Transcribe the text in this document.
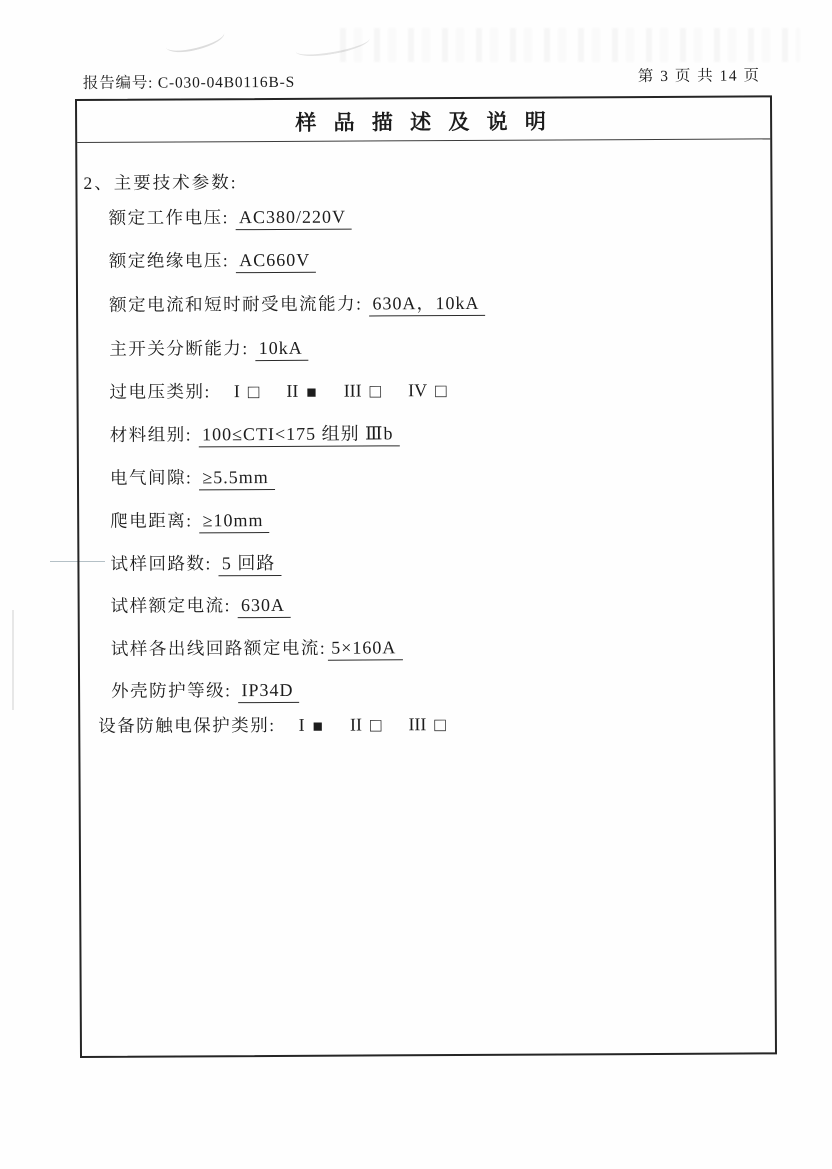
报告编号: C-030-04B0116B-S	第 3 页 共 14 页
样 品 描 述 及 说 明
2、主要技术参数:
额定工作电压: AC380/220V
额定绝缘电压: AC660V
额定电流和短时耐受电流能力: 630A，10kA
主开关分断能力: 10kA
过电压类别: I □ II ■ III □ IV □
材料组别: 100≤CTI<175 组别 Ⅲb
电气间隙: ≥5.5mm
爬电距离: ≥10mm
试样回路数: 5 回路
试样额定电流: 630A
试样各出线回路额定电流: 5×160A
外壳防护等级: IP34D
设备防触电保护类别: I ■ II □ III □
